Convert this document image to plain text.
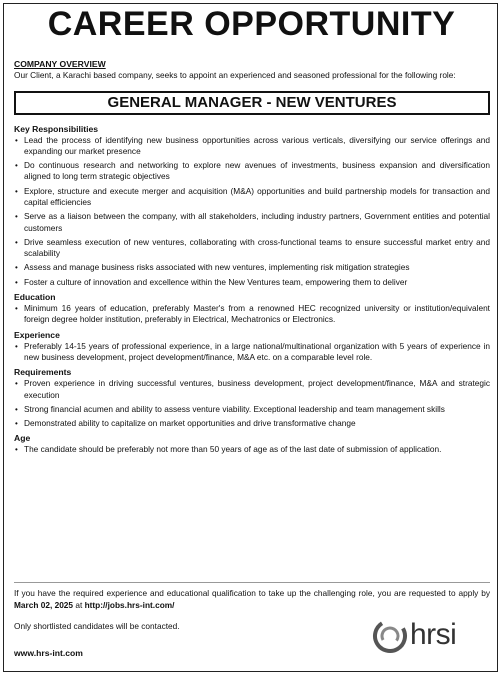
CAREER OPPORTUNITY

COMPANY OVERVIEW

Our Client, a Karachi based company, seeks to appoint an experienced and seasoned professional for the following role:

GENERAL MANAGER - NEW VENTURES

Key Responsibilities

• Lead the process of identifying new business opportunities across various verticals, diversifying our service offerings and expanding our market presence
• Do continuous research and networking to explore new avenues of investments, business expansion and diversification aligned to long term strategic objectives
• Explore, structure and execute merger and acquisition (M&A) opportunities and build partnership models for transaction and capital efficiencies
• Serve as a liaison between the company, with all stakeholders, including industry partners, Government entities and potential customers
• Drive seamless execution of new ventures, collaborating with cross-functional teams to ensure successful market entry and scalability
• Assess and manage business risks associated with new ventures, implementing risk mitigation strategies
• Foster a culture of innovation and excellence within the New Ventures team, empowering them to deliver

Education

• Minimum 16 years of education, preferably Master's from a renowned HEC recognized university or institution/equivalent foreign degree holder institution, preferably in Electrical, Mechatronics or Electronics.

Experience

• Preferably 14-15 years of professional experience, in a large national/multinational organization with 5 years of experience in new business development, project development/finance, M&A etc. on a comparable level role.

Requirements

• Proven experience in driving successful ventures, business development, project development/finance, M&A and strategic execution
• Strong financial acumen and ability to assess venture viability. Exceptional leadership and team management skills
• Demonstrated ability to capitalize on market opportunities and drive transformative change

Age

• The candidate should be preferably not more than 50 years of age as of the last date of submission of application.

If you have the required experience and educational qualification to take up the challenging role, you are requested to apply by March 02, 2025 at http://jobs.hrs-int.com/

Only shortlisted candidates will be contacted.

www.hrs-int.com
hrsi
